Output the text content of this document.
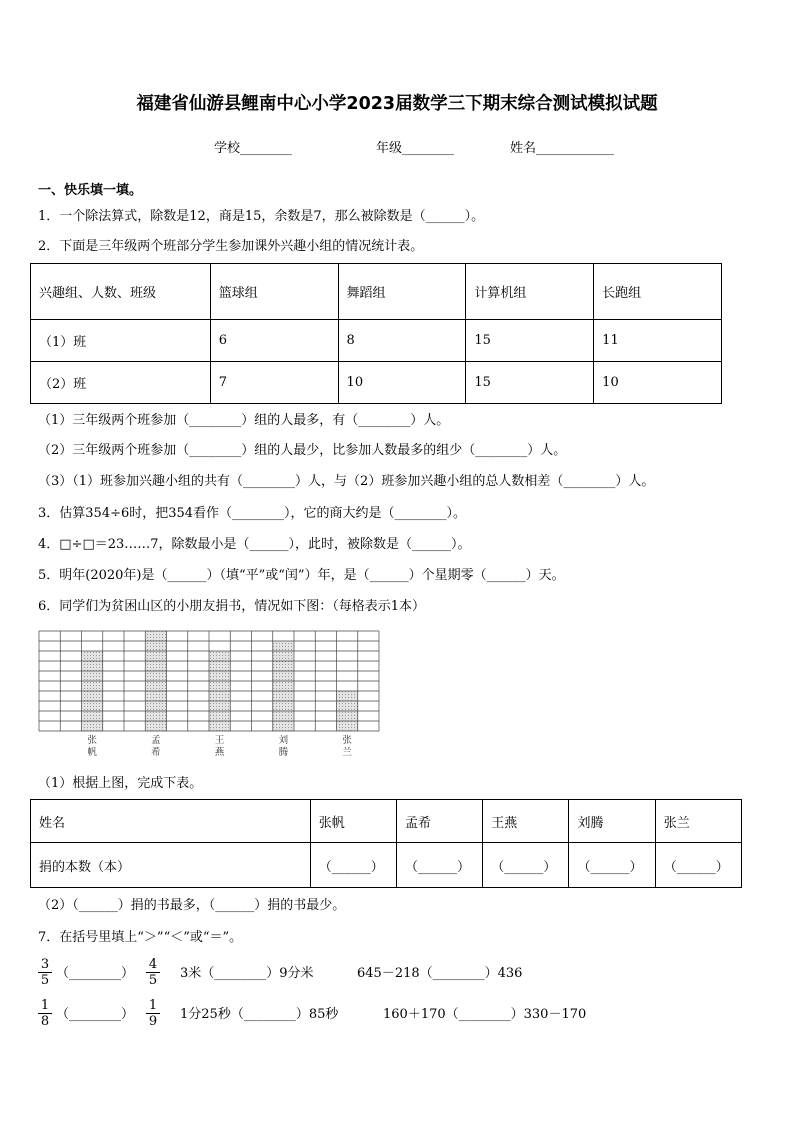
福建省仙游县鲤南中心小学2023届数学三下期末综合测试模拟试题
学校________	年级________	姓名____________
一、快乐填一填。
1．一个除法算式，除数是12，商是15，余数是7，那么被除数是（______）。
2．下面是三年级两个班部分学生参加课外兴趣小组的情况统计表。
兴趣组、人数、班级	篮球组	舞蹈组	计算机组	长跑组
（1）班	6	8	15	11
（2）班	7	10	15	10
（1）三年级两个班参加（________）组的人最多，有（________）人。
（2）三年级两个班参加（________）组的人最少，比参加人数最多的组少（________）人。
（3）（1）班参加兴趣小组的共有（________）人，与（2）班参加兴趣小组的总人数相差（________）人。
3．估算354÷6时，把354看作（________），它的商大约是（________）。
4．□÷□＝23……7，除数最小是（______），此时，被除数是（______）。
5．明年(2020年)是（______）（填“平”或“闰”）年，是（______）个星期零（______）天。
6．同学们为贫困山区的小朋友捐书，情况如下图：（每格表示1本）
张
帆
孟
希
王
燕
刘
腾
张
兰
（1）根据上图，完成下表。
姓名	张帆	孟希	王燕	刘腾	张兰
捐的本数（本）	（______）	（______）	（______）	（______）	（______）
（2）（______）捐的书最多，（______）捐的书最少。
7．在括号里填上“＞”“＜”或“＝”。
$\frac{3}{5}$ （________） $\frac{4}{5} 3$米（________）9分米	645－218（________）436
$\frac{1}{8}$ （________） $\frac{1}{9} 1$分25秒（________）85秒	160＋170（________）330－170
